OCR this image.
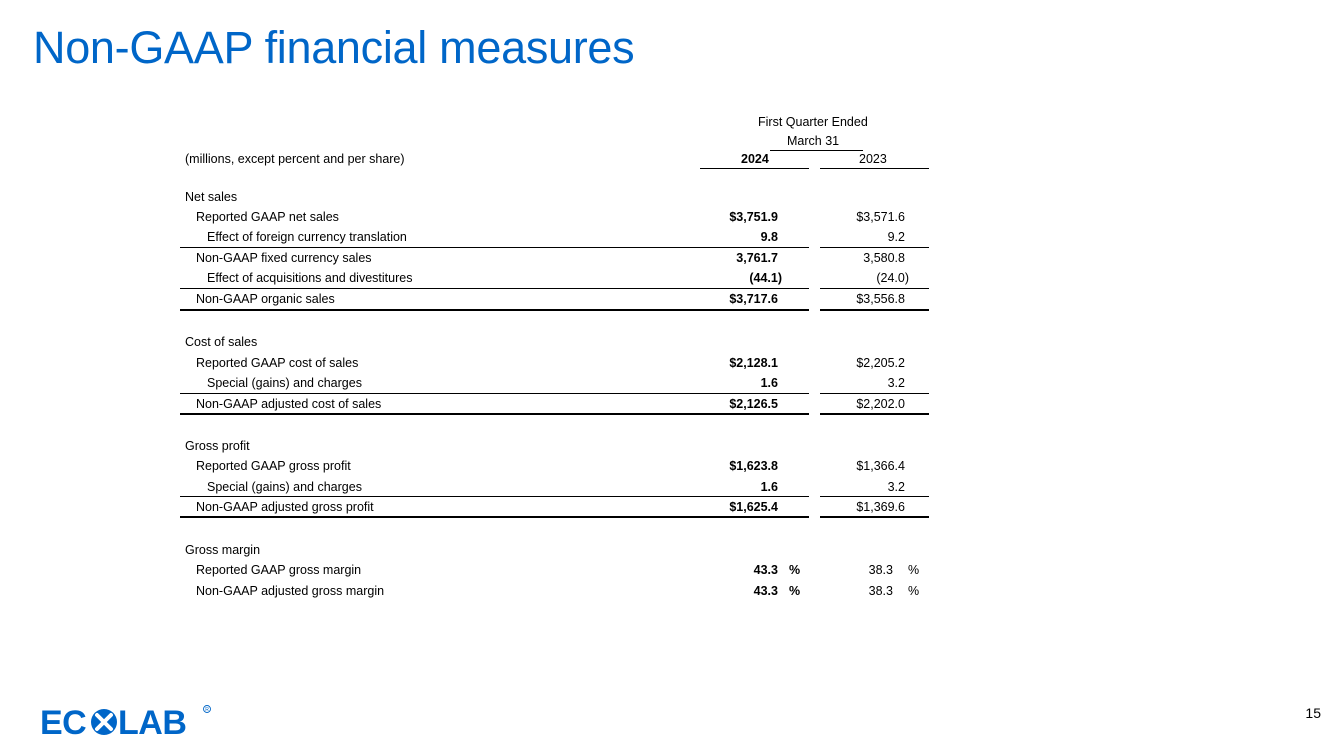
Non-GAAP financial measures
First Quarter Ended
March 31
(millions, except percent and per share)	2024	2023
Net sales
Reported GAAP net sales	$3,751.9	$3,571.6
Effect of foreign currency translation	9.8	9.2
Non-GAAP fixed currency sales	3,761.7	3,580.8
Effect of acquisitions and divestitures	(44.1)	(24.0)
Non-GAAP organic sales	$3,717.6	$3,556.8
Cost of sales
Reported GAAP cost of sales	$2,128.1	$2,205.2
Special (gains) and charges	1.6	3.2
Non-GAAP adjusted cost of sales	$2,126.5	$2,202.0
Gross profit
Reported GAAP gross profit	$1,623.8	$1,366.4
Special (gains) and charges	1.6	3.2
Non-GAAP adjusted gross profit	$1,625.4	$1,369.6
Gross margin
Reported GAAP gross margin	43.3 %	38.3 %
Non-GAAP adjusted gross margin	43.3 %	38.3 %
EC LAB	R	15
